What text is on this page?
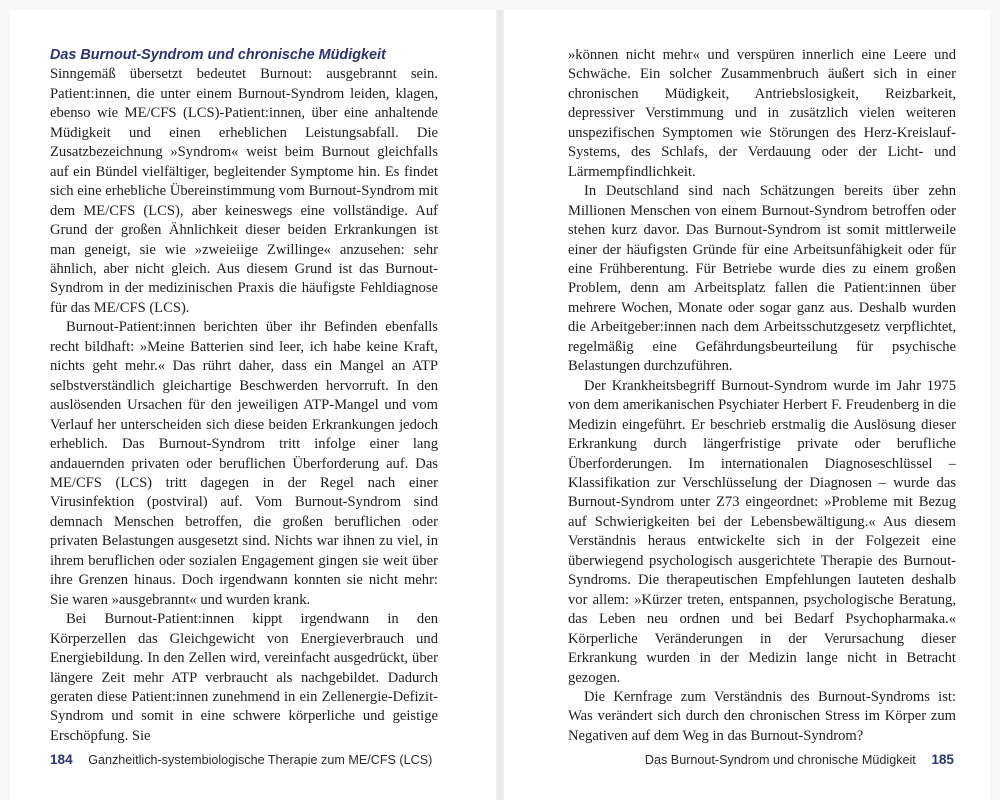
Das Burnout-Syndrom und chronische Müdigkeit

Sinngemäß übersetzt bedeutet Burnout: ausgebrannt sein. Patient:innen, die unter einem Burnout-Syndrom leiden, klagen, ebenso wie ME/CFS (LCS)-Patient:innen, über eine anhaltende Müdigkeit und einen erheblichen Leistungsabfall. Die Zusatzbezeichnung »Syndrom« weist beim Burnout gleichfalls auf ein Bündel vielfältiger, begleitender Symptome hin. Es findet sich eine erhebliche Übereinstimmung vom Burnout-Syndrom mit dem ME/CFS (LCS), aber keineswegs eine vollständige. Auf Grund der großen Ähnlichkeit dieser beiden Erkrankungen ist man geneigt, sie wie »zweieiige Zwillinge« anzusehen: sehr ähnlich, aber nicht gleich. Aus diesem Grund ist das Burnout-Syndrom in der medizinischen Praxis die häufigste Fehldiagnose für das ME/CFS (LCS).

Burnout-Patient:innen berichten über ihr Befinden ebenfalls recht bildhaft: »Meine Batterien sind leer, ich habe keine Kraft, nichts geht mehr.« Das rührt daher, dass ein Mangel an ATP selbstverständlich gleichartige Beschwerden hervorruft. In den auslösenden Ursachen für den jeweiligen ATP-Mangel und vom Verlauf her unterscheiden sich diese beiden Erkrankungen jedoch erheblich. Das Burnout-Syndrom tritt infolge einer lang andauernden privaten oder beruflichen Überforderung auf. Das ME/CFS (LCS) tritt dagegen in der Regel nach einer Virusinfektion (postviral) auf. Vom Burnout-Syndrom sind demnach Menschen betroffen, die großen beruflichen oder privaten Belastungen ausgesetzt sind. Nichts war ihnen zu viel, in ihrem beruflichen oder sozialen Engagement gingen sie weit über ihre Grenzen hinaus. Doch irgendwann konnten sie nicht mehr: Sie waren »ausgebrannt« und wurden krank.

Bei Burnout-Patient:innen kippt irgendwann in den Körperzellen das Gleichgewicht von Energieverbrauch und Energiebildung. In den Zellen wird, vereinfacht ausgedrückt, über längere Zeit mehr ATP verbraucht als nachgebildet. Dadurch geraten diese Patient:innen zunehmend in ein Zellenergie-Defizit-Syndrom und somit in eine schwere körperliche und geistige Erschöpfung. Sie

»können nicht mehr« und verspüren innerlich eine Leere und Schwäche. Ein solcher Zusammenbruch äußert sich in einer chronischen Müdigkeit, Antriebslosigkeit, Reizbarkeit, depressiver Verstimmung und in zusätzlich vielen weiteren unspezifischen Symptomen wie Störungen des Herz-Kreislauf-Systems, des Schlafs, der Verdauung oder der Licht- und Lärmempfindlichkeit.

In Deutschland sind nach Schätzungen bereits über zehn Millionen Menschen von einem Burnout-Syndrom betroffen oder stehen kurz davor. Das Burnout-Syndrom ist somit mittlerweile einer der häufigsten Gründe für eine Arbeitsunfähigkeit oder für eine Frühberentung. Für Betriebe wurde dies zu einem großen Problem, denn am Arbeitsplatz fallen die Patient:innen über mehrere Wochen, Monate oder sogar ganz aus. Deshalb wurden die Arbeitgeber:innen nach dem Arbeitsschutzgesetz verpflichtet, regelmäßig eine Gefährdungsbeurteilung für psychische Belastungen durchzuführen.

Der Krankheitsbegriff Burnout-Syndrom wurde im Jahr 1975 von dem amerikanischen Psychiater Herbert F. Freudenberg in die Medizin eingeführt. Er beschrieb erstmalig die Auslösung dieser Erkrankung durch längerfristige private oder berufliche Überforderungen. Im internationalen Diagnoseschlüssel – Klassifikation zur Verschlüsselung der Diagnosen – wurde das Burnout-Syndrom unter Z73 eingeordnet: »Probleme mit Bezug auf Schwierigkeiten bei der Lebensbewältigung.« Aus diesem Verständnis heraus entwickelte sich in der Folgezeit eine überwiegend psychologisch ausgerichtete Therapie des Burnout-Syndroms. Die therapeutischen Empfehlungen lauteten deshalb vor allem: »Kürzer treten, entspannen, psychologische Beratung, das Leben neu ordnen und bei Bedarf Psychopharmaka.« Körperliche Veränderungen in der Verursachung dieser Erkrankung wurden in der Medizin lange nicht in Betracht gezogen.

Die Kernfrage zum Verständnis des Burnout-Syndroms ist: Was verändert sich durch den chronischen Stress im Körper zum Negativen auf dem Weg in das Burnout-Syndrom?

184 Ganzheitlich-systembiologische Therapie zum ME/CFS (LCS)	Das Burnout-Syndrom und chronische Müdigkeit 185
